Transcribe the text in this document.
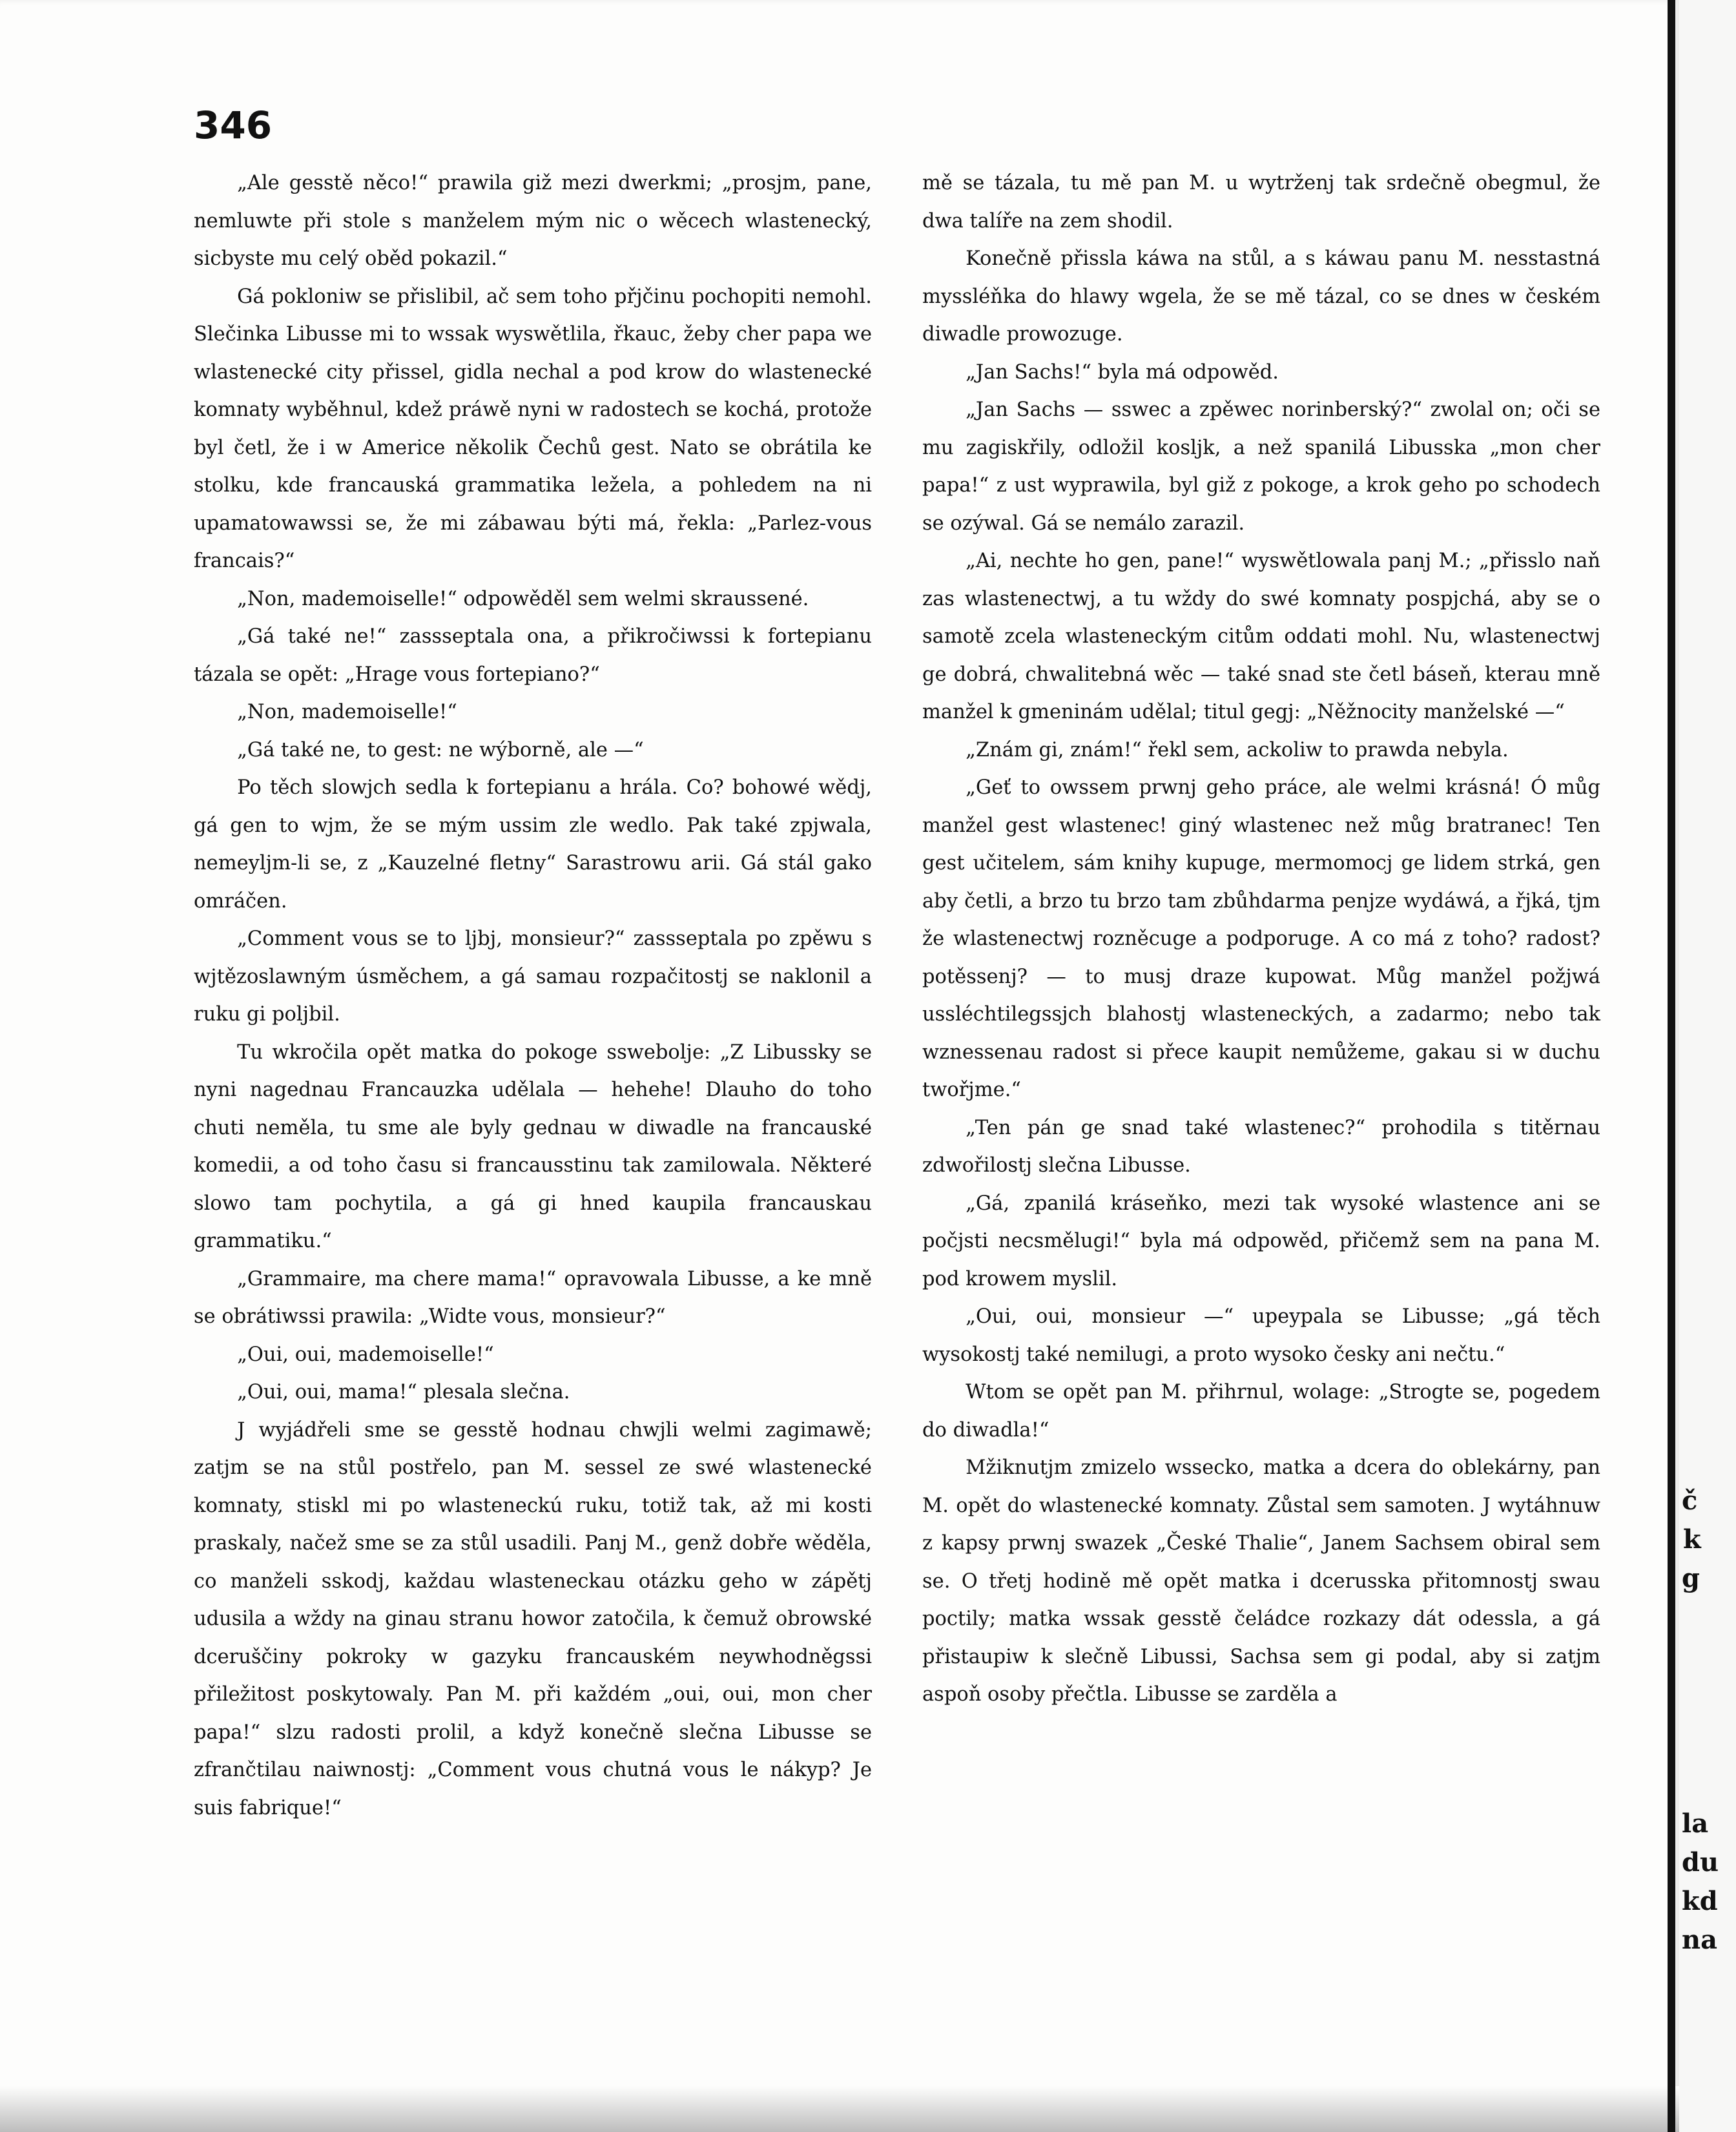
346

„Ale gesstě něco!“ prawila giž mezi dwerkmi; „prosjm, pane, nemluwte při stole s manželem mým nic o wěcech wlastenecký, sicbyste mu celý oběd pokazil.“

Gá pokloniw se přislibil, ač sem toho přjčinu pochopiti nemohl. Slečinka Libusse mi to wssak wyswětlila, řkauc, žeby cher papa we wlastenecké city přissel, gidla nechal a pod krow do wlastenecké komnaty wyběhnul, kdež práwě nyni w radostech se kochá, protože byl četl, že i w Americe několik Čechů gest. Nato se obrátila ke stolku, kde francauská grammatika ležela, a pohledem na ni upamatowawssi se, že mi zábawau býti má, řekla: „Parlez-vous francais?“

„Non, mademoiselle!“ odpowěděl sem welmi skraussené.

„Gá také ne!“ zassseptala ona, a přikročiwssi k fortepianu tázala se opět: „Hrage vous fortepiano?“

„Non, mademoiselle!“

„Gá také ne, to gest: ne wýborně, ale —“

Po těch slowjch sedla k fortepianu a hrála. Co? bohowé wědj, gá gen to wjm, že se mým ussim zle wedlo. Pak také zpjwala, nemeyljm-li se, z „Kauzelné fletny“ Sarastrowu arii. Gá stál gako omráčen.

„Comment vous se to ljbj, monsieur?“ zassseptala po zpěwu s wjtězoslawným úsměchem, a gá samau rozpačitostj se naklonil a ruku gi poljbil.

Tu wkročila opět matka do pokoge sswebolje: „Z Libussky se nyni nagednau Francauzka udělala — hehehe! Dlauho do toho chuti neměla, tu sme ale byly gednau w diwadle na francauské komedii, a od toho času si francausstinu tak zamilowala. Některé slowo tam pochytila, a gá gi hned kaupila francauskau grammatiku.“

„Grammaire, ma chere mama!“ opravowala Libusse, a ke mně se obrátiwssi prawila: „Widte vous, monsieur?“

„Oui, oui, mademoiselle!“

„Oui, oui, mama!“ plesala slečna.

J wyjádřeli sme se gesstě hodnau chwjli welmi zagimawě; zatjm se na stůl postřelo, pan M. sessel ze swé wlastenecké komnaty, stiskl mi po wlasteneckú ruku, totiž tak, až mi kosti praskaly, načež sme se za stůl usadili. Panj M., genž dobře wěděla, co manželi sskodj, každau wlasteneckau otázku geho w zápětj udusila a wždy na ginau stranu howor zatočila, k čemuž obrowské dceruščiny pokroky w gazyku francauském neywhodněgssi přiležitost poskytowaly. Pan M. při každém „oui, oui, mon cher papa!“ slzu radosti prolil, a když konečně slečna Libusse se zfrančtilau naiwnostj: „Comment vous chutná vous le nákyp? Je suis fabrique!“

mě se tázala, tu mě pan M. u wytrženj tak srdečně obegmul, že dwa talíře na zem shodil.

Konečně přissla káwa na stůl, a s káwau panu M. nesstastná myssléňka do hlawy wgela, že se mě tázal, co se dnes w českém diwadle prowozuge.

„Jan Sachs!“ byla má odpowěd.

„Jan Sachs — sswec a zpěwec norinberský?“ zwolal on; oči se mu zagiskřily, odložil kosljk, a než spanilá Libusska „mon cher papa!“ z ust wyprawila, byl giž z pokoge, a krok geho po schodech se ozýwal. Gá se nemálo zarazil.

„Ai, nechte ho gen, pane!“ wyswětlowala panj M.; „přisslo naň zas wlastenectwj, a tu wždy do swé komnaty pospjchá, aby se o samotě zcela wlasteneckým citům oddati mohl. Nu, wlastenectwj ge dobrá, chwalitebná wěc — také snad ste četl báseň, kterau mně manžel k gmeninám udělal; titul gegj: „Něžnocity manželské —“

„Znám gi, znám!“ řekl sem, ackoliw to prawda nebyla.

„Geť to owssem prwnj geho práce, ale welmi krásná! Ó můg manžel gest wlastenec! giný wlastenec než můg bratranec! Ten gest učitelem, sám knihy kupuge, mermomocj ge lidem strká, gen aby četli, a brzo tu brzo tam zbůhdarma penjze wydáwá, a řjká, tjm že wlastenectwj rozněcuge a podporuge. A co má z toho? radost? potěssenj? — to musj draze kupowat. Můg manžel požjwá ussléchtilegssjch blahostj wlasteneckých, a zadarmo; nebo tak wznessenau radost si přece kaupit nemůžeme, gakau si w duchu twořjme.“

„Ten pán ge snad také wlastenec?“ prohodila s titěrnau zdwořilostj slečna Libusse.

„Gá, zpanilá kráseňko, mezi tak wysoké wlastence ani se počjsti necsmělugi!“ byla má odpowěd, přičemž sem na pana M. pod krowem myslil.

„Oui, oui, monsieur —“ upeypala se Libusse; „gá těch wysokostj také nemilugi, a proto wysoko česky ani nečtu.“

Wtom se opět pan M. přihrnul, wolage: „Strogte se, pogedem do diwadla!“

Mžiknutjm zmizelo wssecko, matka a dcera do oblekárny, pan M. opět do wlastenecké komnaty. Zůstal sem samoten. J wytáhnuw z kapsy prwnj swazek „České Thalie“, Janem Sachsem obiral sem se. O třetj hodině mě opět matka i dcerusska přitomnostj swau poctily; matka wssak gesstě čeládce rozkazy dát odessla, a gá přistaupiw k slečně Libussi, Sachsa sem gi podal, aby si zatjm aspoň osoby přečtla. Libusse se zarděla a

č
k
g
la
du
kd
na
